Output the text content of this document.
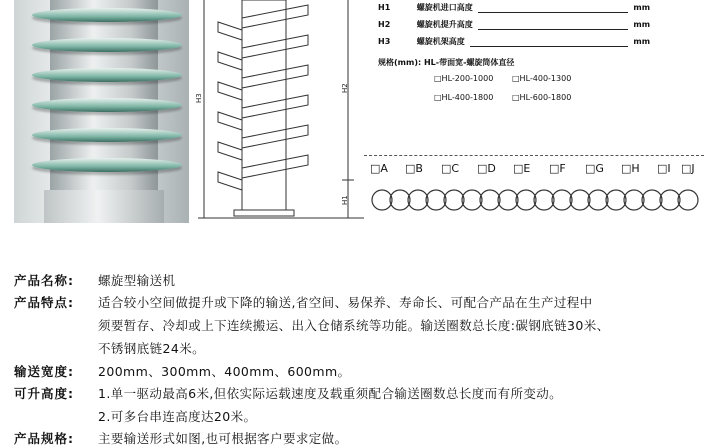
H3
H2
H1
H1	螺旋机进口高度	mm
H2	螺旋机提升高度	mm
H3	螺旋机架高度	mm
规格(mm): HL-带面宽-螺旋筒体直径
□HL-200-1000 □HL-400-1300
□HL-400-1800 □HL-600-1800
□A □B □C □D □E □F □G □H □I □J
产品名称: 螺旋型输送机
产品特点: 适合较小空间做提升或下降的输送,省空间、易保养、寿命长、可配合产品在生产过程中
须要暂存、冷却或上下连续搬运、出入仓储系统等功能。输送圈数总长度:碳钢底链30米、
不锈钢底链24米。
输送宽度: 200mm、300mm、400mm、600mm。
可升高度: 1.单一驱动最高6米,但依实际运载速度及载重须配合输送圈数总长度而有所变动。
2.可多台串连高度达20米。
产品规格: 主要输送形式如图,也可根据客户要求定做。
